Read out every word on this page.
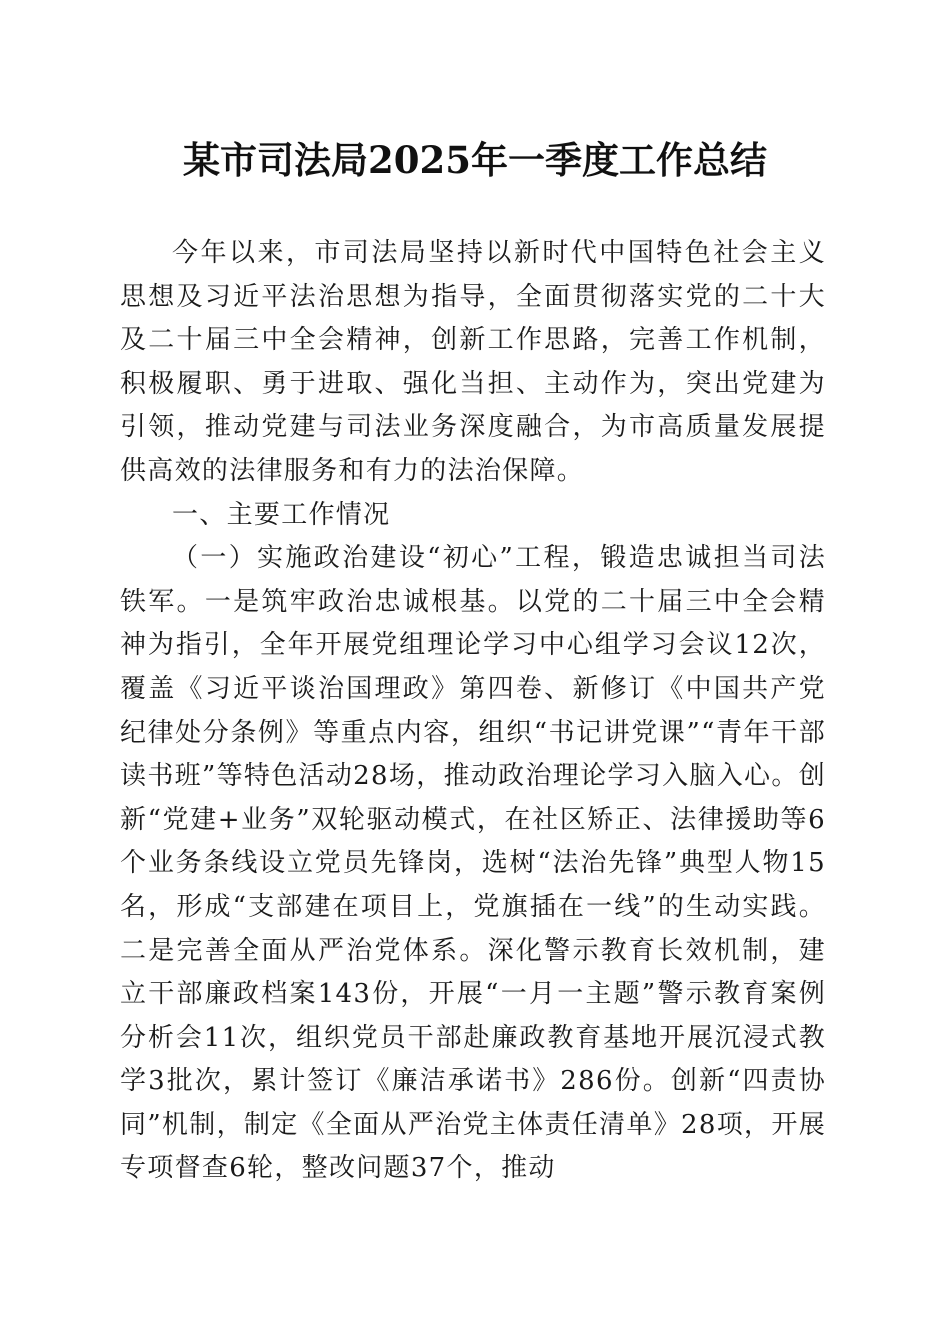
某市司法局2025年一季度工作总结

今年以来，市司法局坚持以新时代中国特色社会主义思想及习近平法治思想为指导，全面贯彻落实党的二十大及二十届三中全会精神，创新工作思路，完善工作机制，积极履职、勇于进取、强化当担、主动作为，突出党建为引领，推动党建与司法业务深度融合，为市高质量发展提供高效的法律服务和有力的法治保障。

一、主要工作情况

（一）实施政治建设“初心”工程，锻造忠诚担当司法铁军。一是筑牢政治忠诚根基。以党的二十届三中全会精神为指引，全年开展党组理论学习中心组学习会议12次，覆盖《习近平谈治国理政》第四卷、新修订《中国共产党纪律处分条例》等重点内容，组织“书记讲党课”“青年干部读书班”等特色活动28场，推动政治理论学习入脑入心。创新“党建+业务”双轮驱动模式，在社区矫正、法律援助等6个业务条线设立党员先锋岗，选树“法治先锋”典型人物15名，形成“支部建在项目上，党旗插在一线”的生动实践。二是完善全面从严治党体系。深化警示教育长效机制，建立干部廉政档案143份，开展“一月一主题”警示教育案例分析会11次，组织党员干部赴廉政教育基地开展沉浸式教学3批次，累计签订《廉洁承诺书》286份。创新“四责协同”机制，制定《全面从严治党主体责任清单》28项，开展专项督查6轮，整改问题37个，推动
